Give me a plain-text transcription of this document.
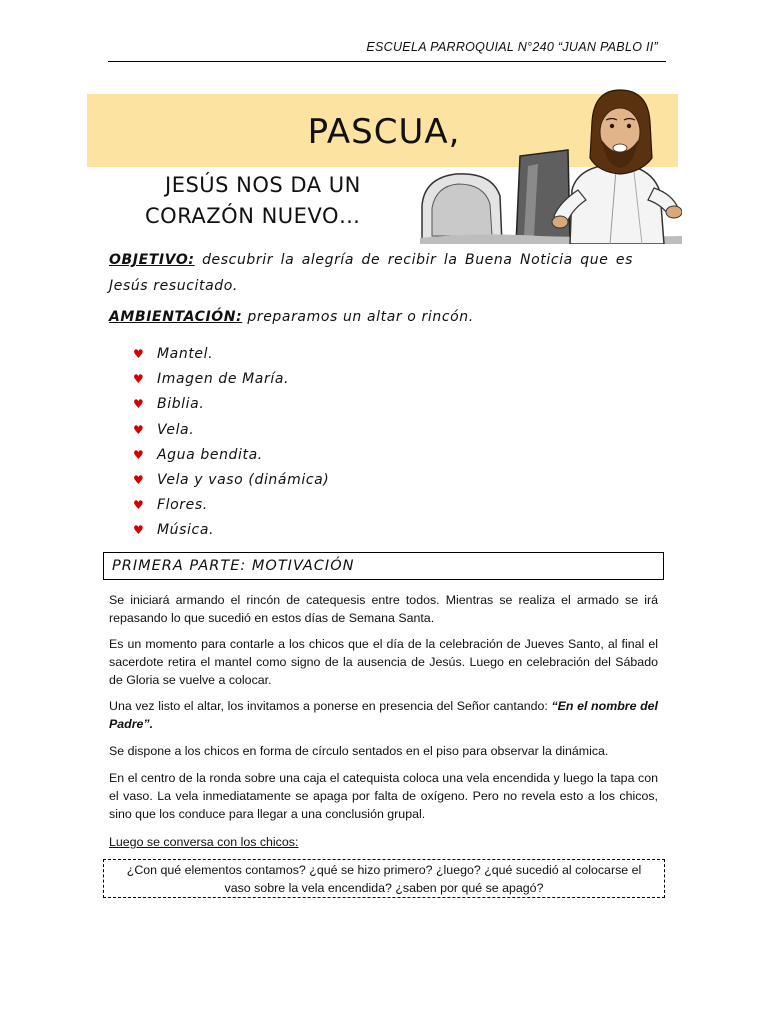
ESCUELA PARROQUIAL N°240 “JUAN PABLO II”
PASCUA,
JESÚS NOS DA UN
CORAZÓN NUEVO…
OBJETIVO: descubrir la alegría de recibir la Buena Noticia que es Jesús resucitado.
AMBIENTACIÓN: preparamos un altar o rincón.
♥ Mantel.
♥ Imagen de María.
♥ Biblia.
♥ Vela.
♥ Agua bendita.
♥ Vela y vaso (dinámica)
♥ Flores.
♥ Música.
PRIMERA PARTE: MOTIVACIÓN
Se iniciará armando el rincón de catequesis entre todos. Mientras se realiza el armado se irá repasando lo que sucedió en estos días de Semana Santa.
Es un momento para contarle a los chicos que el día de la celebración de Jueves Santo, al final el sacerdote retira el mantel como signo de la ausencia de Jesús. Luego en celebración del Sábado de Gloria se vuelve a colocar.
Una vez listo el altar, los invitamos a ponerse en presencia del Señor cantando: “En el nombre del Padre”.
Se dispone a los chicos en forma de círculo sentados en el piso para observar la dinámica.
En el centro de la ronda sobre una caja el catequista coloca una vela encendida y luego la tapa con el vaso. La vela inmediatamente se apaga por falta de oxígeno. Pero no revela esto a los chicos, sino que los conduce para llegar a una conclusión grupal.
Luego se conversa con los chicos:
¿Con qué elementos contamos? ¿qué se hizo primero? ¿luego? ¿qué sucedió al colocarse el
vaso sobre la vela encendida? ¿saben por qué se apagó?
